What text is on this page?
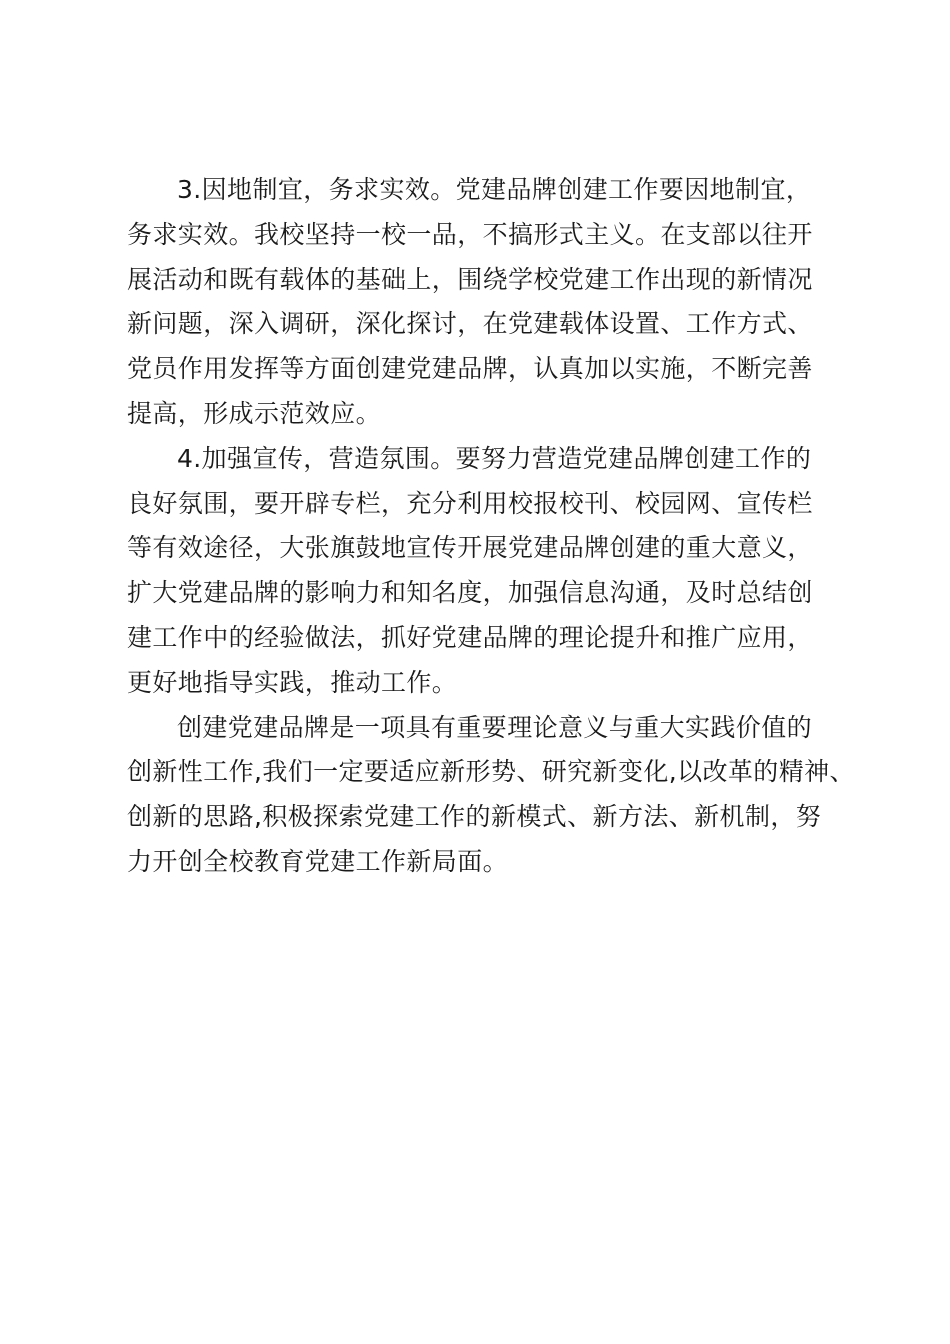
3.因地制宜，务求实效。党建品牌创建工作要因地制宜，
务求实效。我校坚持一校一品，不搞形式主义。在支部以往开
展活动和既有载体的基础上，围绕学校党建工作出现的新情况
新问题，深入调研，深化探讨，在党建载体设置、工作方式、
党员作用发挥等方面创建党建品牌，认真加以实施，不断完善
提高，形成示范效应。

4.加强宣传，营造氛围。要努力营造党建品牌创建工作的
良好氛围，要开辟专栏，充分利用校报校刊、校园网、宣传栏
等有效途径，大张旗鼓地宣传开展党建品牌创建的重大意义，
扩大党建品牌的影响力和知名度，加强信息沟通，及时总结创
建工作中的经验做法，抓好党建品牌的理论提升和推广应用，
更好地指导实践，推动工作。

创建党建品牌是一项具有重要理论意义与重大实践价值的
创新性工作,我们一定要适应新形势、研究新变化,以改革的精神、
创新的思路,积极探索党建工作的新模式、新方法、新机制，努
力开创全校教育党建工作新局面。
